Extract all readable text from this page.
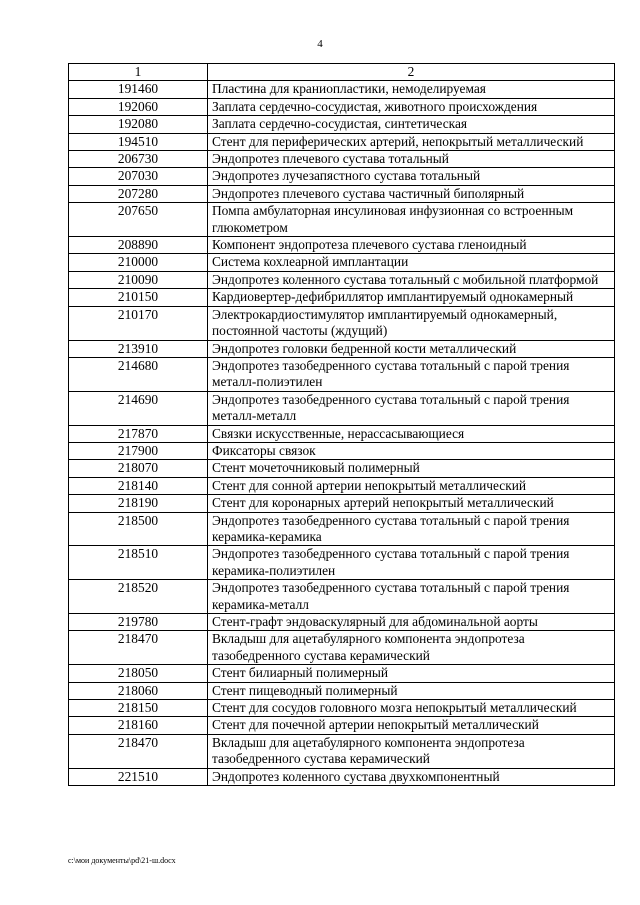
4
1	2
191460	Пластина для краниопластики, немоделируемая
192060	Заплата сердечно-сосудистая, животного происхождения
192080	Заплата сердечно-сосудистая, синтетическая
194510	Стент для периферических артерий, непокрытый металлический
206730	Эндопротез плечевого сустава тотальный
207030	Эндопротез лучезапястного сустава тотальный
207280	Эндопротез плечевого сустава частичный биполярный
207650	Помпа амбулаторная инсулиновая инфузионная со встроенным глюкометром
208890	Компонент эндопротеза плечевого сустава гленоидный
210000	Система кохлеарной имплантации
210090	Эндопротез коленного сустава тотальный с мобильной платформой
210150	Кардиовертер-дефибриллятор имплантируемый однокамерный
210170	Электрокардиостимулятор имплантируемый однокамерный, постоянной частоты (ждущий)
213910	Эндопротез головки бедренной кости металлический
214680	Эндопротез тазобедренного сустава тотальный с парой трения металл-полиэтилен
214690	Эндопротез тазобедренного сустава тотальный с парой трения металл-металл
217870	Связки искусственные, нерассасывающиеся
217900	Фиксаторы связок
218070	Стент мочеточниковый полимерный
218140	Стент для сонной артерии непокрытый металлический
218190	Стент для коронарных артерий непокрытый металлический
218500	Эндопротез тазобедренного сустава тотальный с парой трения керамика-керамика
218510	Эндопротез тазобедренного сустава тотальный с парой трения керамика-полиэтилен
218520	Эндопротез тазобедренного сустава тотальный с парой трения керамика-металл
219780	Стент-графт эндоваскулярный для абдоминальной аорты
218470	Вкладыш для ацетабулярного компонента эндопротеза тазобедренного сустава керамический
218050	Стент билиарный полимерный
218060	Стент пищеводный полимерный
218150	Стент для сосудов головного мозга непокрытый металлический
218160	Стент для почечной артерии непокрытый металлический
218470	Вкладыш для ацетабулярного компонента эндопротеза тазобедренного сустава керамический
221510	Эндопротез коленного сустава двухкомпонентный
c:\мои документы\pd\21-ш.docx
